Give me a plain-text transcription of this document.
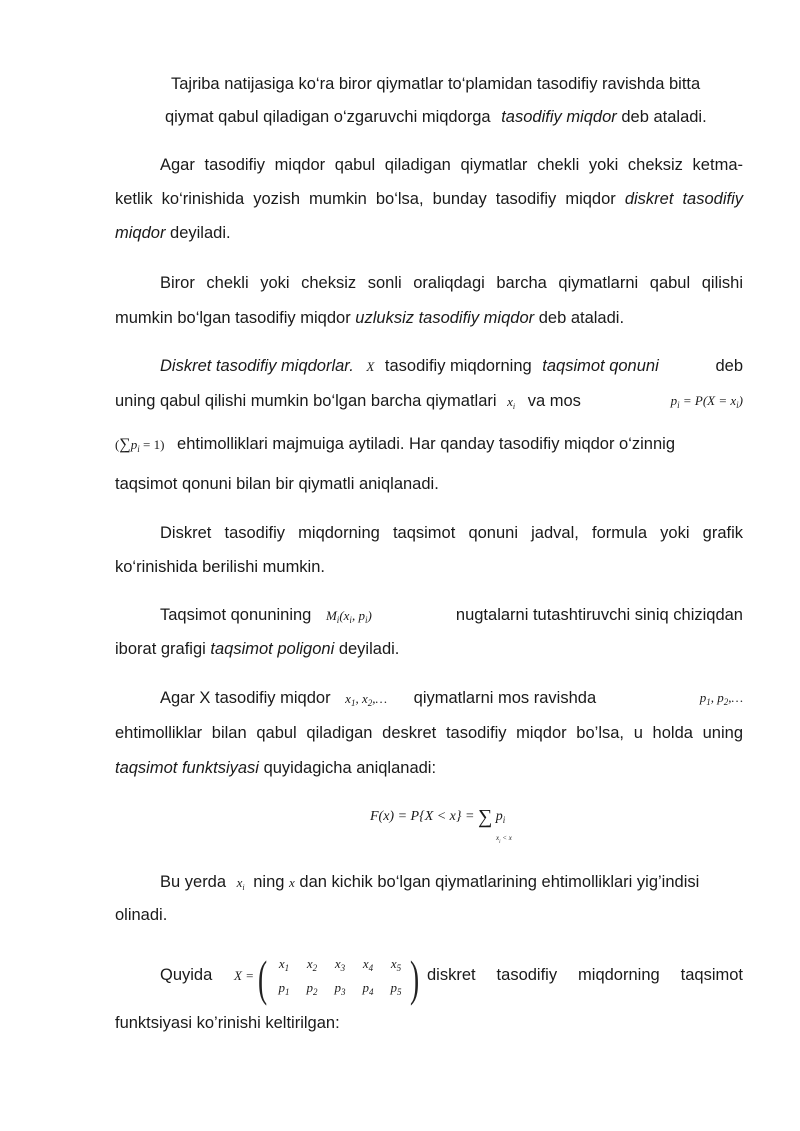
Tajriba natijasiga ko‘ra biror qiymatlar to‘plamidan tasodifiy ravishda bitta
qiymat qabul qiladigan o‘zgaruvchi miqdorga tasodifiy miqdor deb ataladi.
Agar tasodifiy miqdor qabul qiladigan qiymatlar chekli yoki cheksiz ketma-
ketlik ko‘rinishida yozish mumkin bo‘lsa, bunday tasodifiy miqdor diskret tasodifiy
miqdor deyiladi.
Biror chekli yoki cheksiz sonli oraliqdagi barcha qiymatlarni qabul qilishi
mumkin bo‘lgan tasodifiy miqdor uzluksiz tasodifiy miqdor deb ataladi.
Diskret tasodifiy miqdorlar. X tasodifiy miqdorning taqsimot qonuni	deb
uning qabul qilishi mumkin bo‘lgan barcha qiymatlari $x_i$ va mos	$p_i = P(X = x_i)$
$(\sum p_i = 1)$ ehtimolliklari majmuiga aytiladi. Har qanday tasodifiy miqdor o‘zinnig
taqsimot qonuni bilan bir qiymatli aniqlanadi.
Diskret tasodifiy miqdorning taqsimot qonuni jadval, formula yoki grafik
ko‘rinishida berilishi mumkin.
Taqsimot qonunining $M_i(x_i$, $p_i$)	nugtalarni tutashtiruvchi siniq chiziqdan
iborat grafigi taqsimot poligoni deyiladi.
Agar X tasodifiy miqdor $x_1$, $x_2,\dots$ qiymatlarni mos ravishda	$p_1$, $p_2,\dots$
ehtimolliklar bilan qabul qiladigan deskret tasodifiy miqdor bo’lsa, u holda uning
taqsimot funktsiyasi quyidagicha aniqlanadi:
F(x) = P{X < x} = ∑ $p_i$
$x_i < x$
Bu yerda $x_i$ ning x dan kichik bo‘lgan qiymatlarining ehtimolliklari yig’indisi
olinadi.
Quyida	X = ( $x_1$	$x_2$	$x_3$	$x_4$	$x_5$
$p_1$	$p_2$	$p_3$	$p_4$	$p_5$ ) diskret tasodifiy miqdorning taqsimot
funktsiyasi ko’rinishi keltirilgan:
